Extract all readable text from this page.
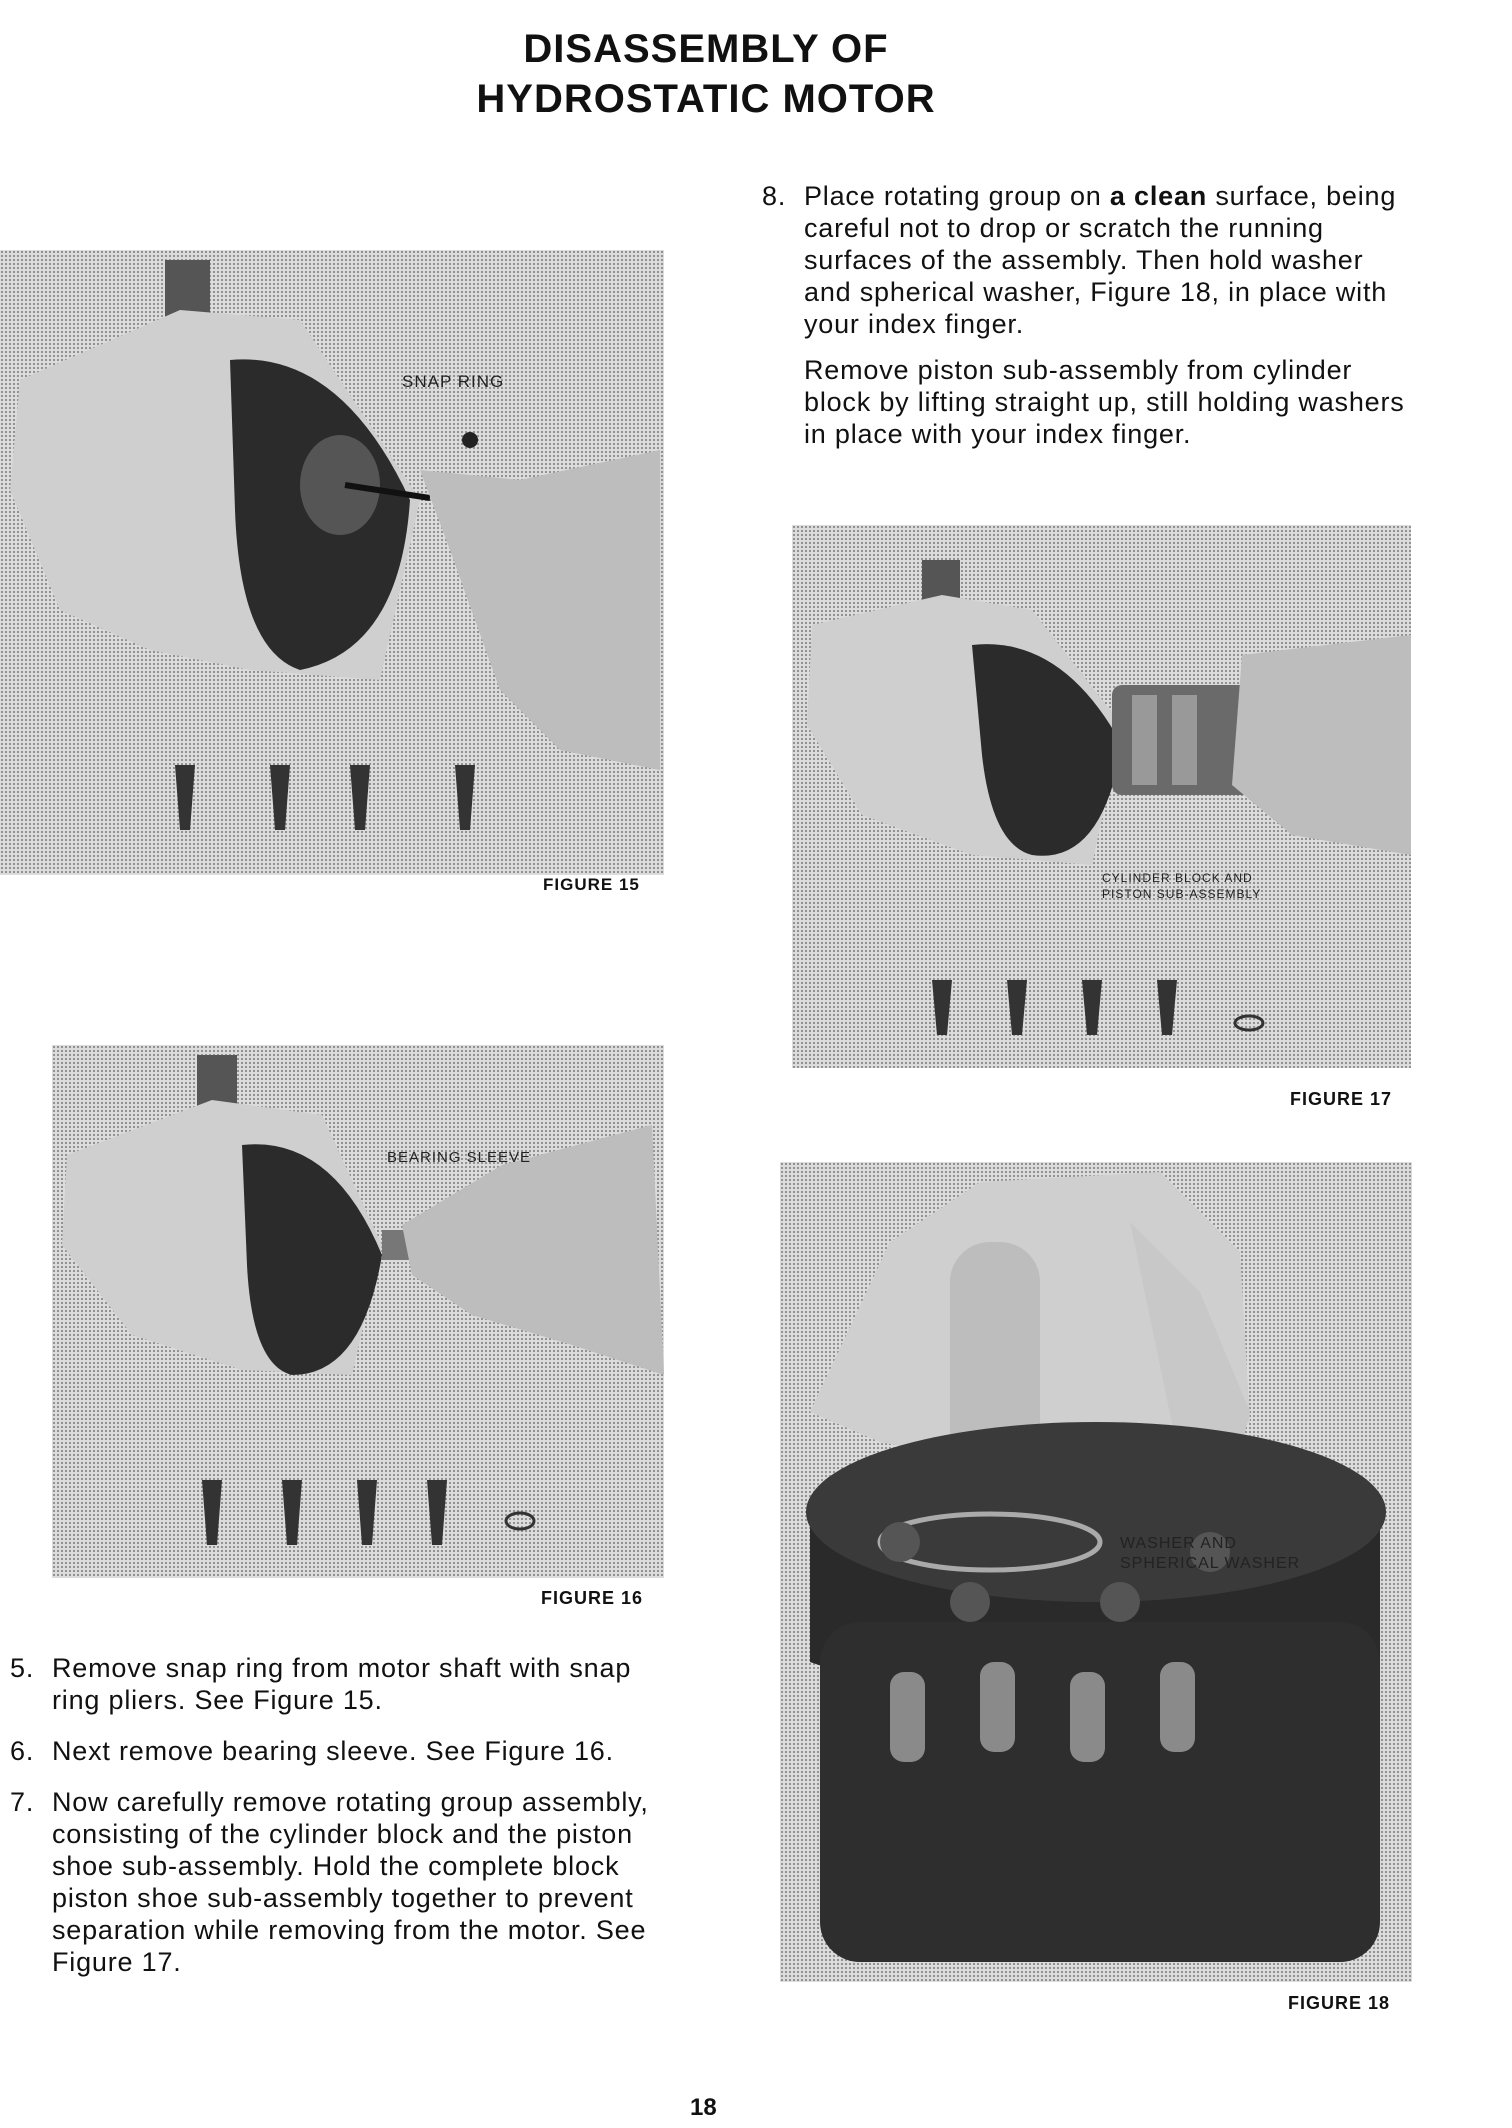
DISASSEMBLY OF
HYDROSTATIC MOTOR
8. Place rotating group on a clean surface, being careful not to drop or scratch the running surfaces of the assembly. Then hold washer and spherical washer, Figure 18, in place with your index finger.

Remove piston sub-assembly from cylinder block by lifting straight up, still holding washers in place with your index finger.

SNAP RING
FIGURE 15	CYLINDER BLOCK AND
PISTON SUB-ASSEMBLY
FIGURE 17
BEARING SLEEVE
FIGURE 16
WASHER AND
SPHERICAL WASHER
FIGURE 18
5. Remove snap ring from motor shaft with snap ring pliers. See Figure 15.
6. Next remove bearing sleeve. See Figure 16.
7. Now carefully remove rotating group assembly, consisting of the cylinder block and the piston shoe sub-assembly. Hold the complete block piston shoe sub-assembly together to prevent separation while removing from the motor. See Figure 17.
18
